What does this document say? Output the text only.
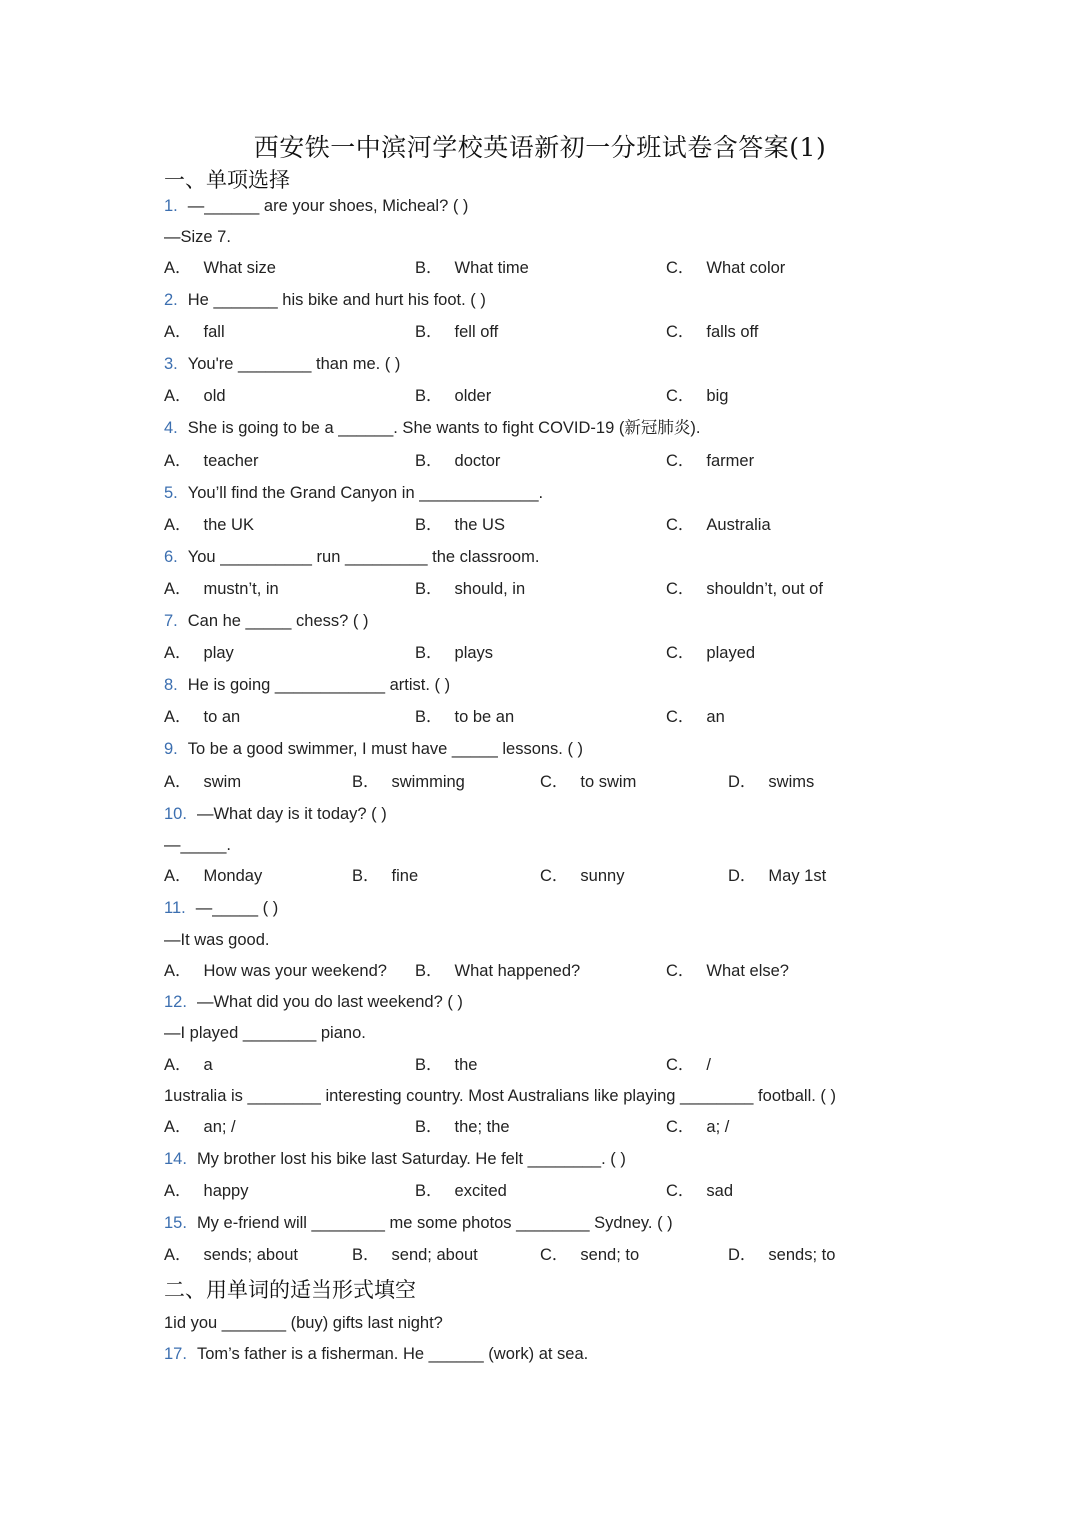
西安铁一中滨河学校英语新初一分班试卷含答案(1)
一、单项选择
二、用单词的适当形式填空
1. —______ are your shoes, Micheal? ( )
—Size 7.
2. He _______ his bike and hurt his foot. ( )
3. You're ________ than me. ( )
4. She is going to be a ______. She wants to fight COVID-19 (新冠肺炎).
5. You’ll find the Grand Canyon in _____________.
6. You __________ run _________ the classroom.
7. Can he _____ chess? ( )
8. He is going ____________ artist. ( )
9. To be a good swimmer, I must have _____ lessons. ( )
10. —What day is it today? ( )
—_____.
11. —_____ ( )
—It was good.
12. —What did you do last weekend? ( )
—I played ________ piano.
1ustralia is ________ interesting country. Most Australians like playing ________ football. ( )
14. My brother lost his bike last Saturday. He felt ________. ( )
15. My e-friend will ________ me some photos ________ Sydney. ( )
1id you _______ (buy) gifts last night?
17. Tom’s father is a fisherman. He ______ (work) at sea.
A． What size	B． What time	C． What color
A． fall	B． fell off	C． falls off
A． old	B． older	C． big
A． teacher	B． doctor	C． farmer
A． the UK	B． the US	C． Australia
A． mustn’t, in	B． should, in	C． shouldn’t, out of
A． play	B． plays	C． played
A． to an	B． to be an	C． an
A． swim	B． swimming	C． to swim	D． swims
A． Monday	B． fine	C． sunny	D． May 1st
A． How was your weekend? B． What happened?	C． What else?
A． a	B． the	C． /
A． an; /	B． the; the	C． a; /
A． happy	B． excited	C． sad
A． sends; about	B． send; about	C． send; to	D． sends; to
